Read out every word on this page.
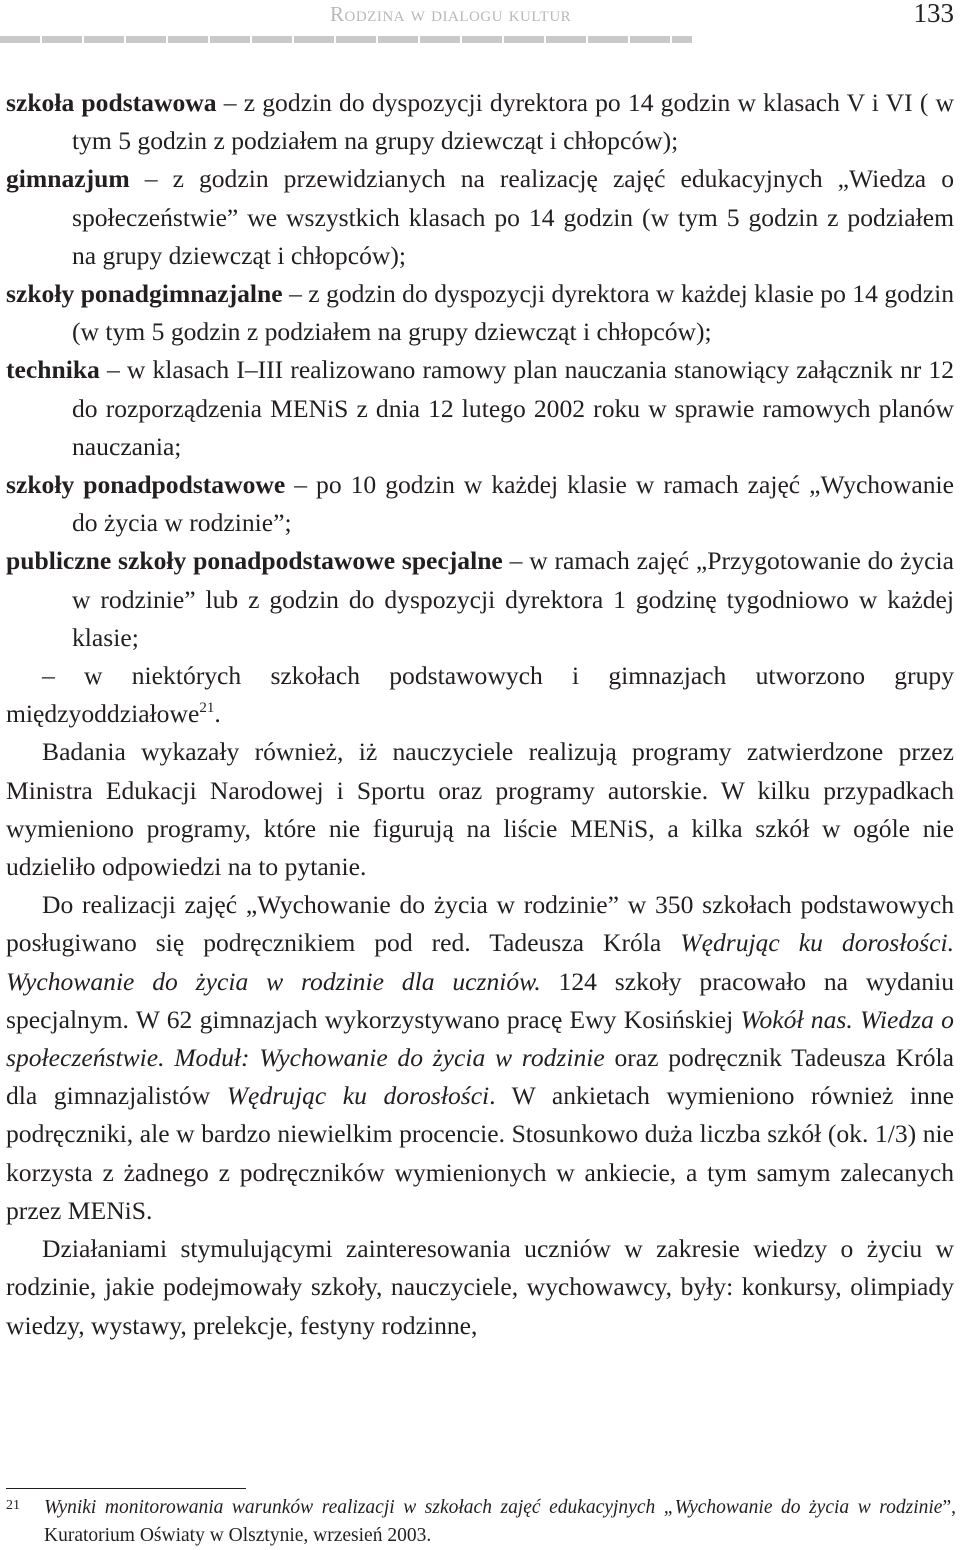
Rodzina w dialogu kultur	133

szkoła podstawowa – z godzin do dyspozycji dyrektora po 14 godzin w klasach V i VI ( w tym 5 godzin z podziałem na grupy dziewcząt i chłopców);

gimnazjum – z godzin przewidzianych na realizację zajęć edukacyjnych „Wiedza o społeczeństwie” we wszystkich klasach po 14 godzin (w tym 5 godzin z podziałem na grupy dziewcząt i chłopców);

szkoły ponadgimnazjalne – z godzin do dyspozycji dyrektora w każdej klasie po 14 godzin (w tym 5 godzin z podziałem na grupy dziewcząt i chłopców);

technika – w klasach I–III realizowano ramowy plan nauczania stanowiący załącznik nr 12 do rozporządzenia MENiS z dnia 12 lutego 2002 roku w sprawie ramowych planów nauczania;

szkoły ponadpodstawowe – po 10 godzin w każdej klasie w ramach zajęć „Wychowanie do życia w rodzinie”;

publiczne szkoły ponadpodstawowe specjalne – w ramach zajęć „Przygotowanie do życia w rodzinie” lub z godzin do dyspozycji dyrektora 1 godzinę tygodniowo w każdej klasie;

– w niektórych szkołach podstawowych i gimnazjach utworzono grupy międzyoddziałowe$^{21}$.

Badania wykazały również, iż nauczyciele realizują programy zatwierdzone przez Ministra Edukacji Narodowej i Sportu oraz programy autorskie. W kilku przypadkach wymieniono programy, które nie figurują na liście MENiS, a kilka szkół w ogóle nie udzieliło odpowiedzi na to pytanie.

Do realizacji zajęć „Wychowanie do życia w rodzinie” w 350 szkołach podstawowych posługiwano się podręcznikiem pod red. Tadeusza Króla Wędrując ku dorosłości. Wychowanie do życia w rodzinie dla uczniów. 124 szkoły pracowało na wydaniu specjalnym. W 62 gimnazjach wykorzystywano pracę Ewy Kosińskiej Wokół nas. Wiedza o społeczeństwie. Moduł: Wychowanie do życia w rodzinie oraz podręcznik Tadeusza Króla dla gimnazjalistów Wędrując ku dorosłości. W ankietach wymieniono również inne podręczniki, ale w bardzo niewielkim procencie. Stosunkowo duża liczba szkół (ok. 1/3) nie korzysta z żadnego z podręczników wymienionych w ankiecie, a tym samym zalecanych przez MENiS.

Działaniami stymulującymi zainteresowania uczniów w zakresie wiedzy o życiu w rodzinie, jakie podejmowały szkoły, nauczyciele, wychowawcy, były: konkursy, olimpiady wiedzy, wystawy, prelekcje, festyny rodzinne,

21 Wyniki monitorowania warunków realizacji w szkołach zajęć edukacyjnych „Wychowanie do życia w rodzinie”, Kuratorium Oświaty w Olsztynie, wrzesień 2003.
